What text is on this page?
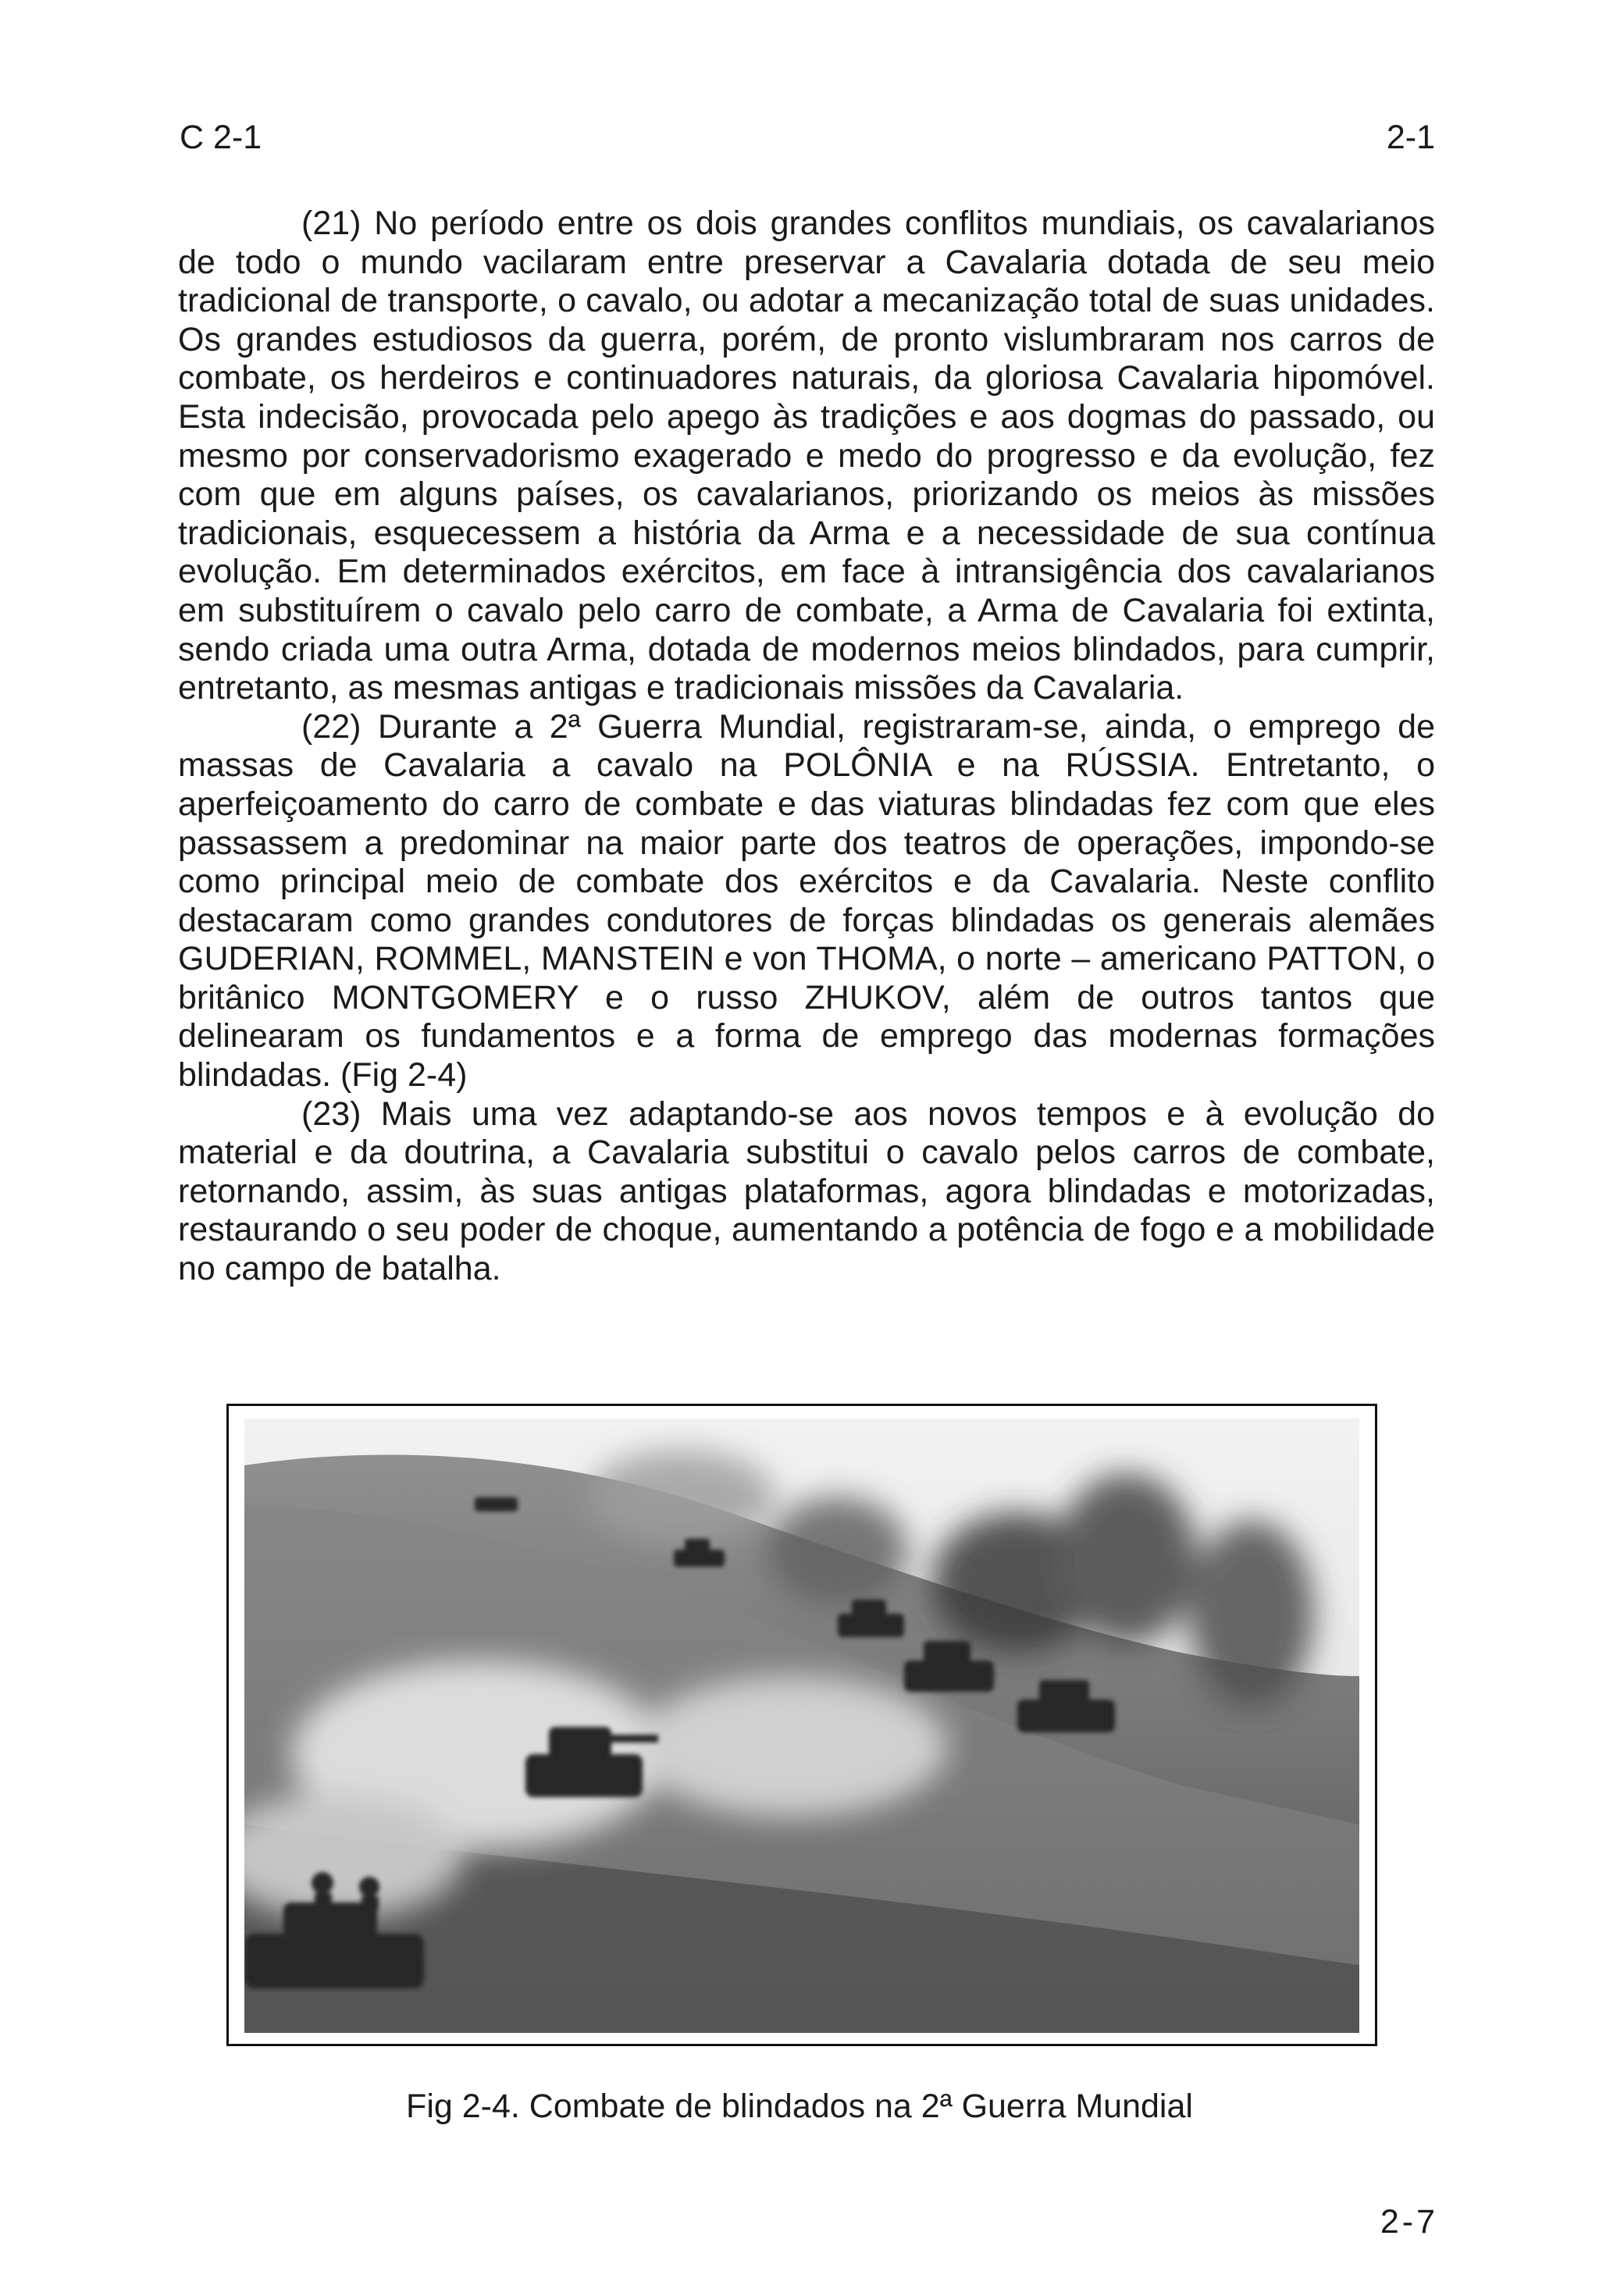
C 2-1	2-1

(21) No período entre os dois grandes conflitos mundiais, os cavalarianos de todo o mundo vacilaram entre preservar a Cavalaria dotada de seu meio tradicional de transporte, o cavalo, ou adotar a mecanização total de suas unidades. Os grandes estudiosos da guerra, porém, de pronto vislumbraram nos carros de combate, os herdeiros e continuadores naturais, da gloriosa Cavalaria hipomóvel. Esta indecisão, provocada pelo apego às tradições e aos dogmas do passado, ou mesmo por conservadorismo exagerado e medo do progresso e da evolução, fez com que em alguns países, os cavalarianos, priorizando os meios às missões tradicionais, esquecessem a história da Arma e a necessidade de sua contínua evolução. Em determinados exércitos, em face à intransigência dos cavalarianos em substituírem o cavalo pelo carro de combate, a Arma de Cavalaria foi extinta, sendo criada uma outra Arma, dotada de modernos meios blindados, para cumprir, entretanto, as mesmas antigas e tradicionais missões da Cavalaria.

(22) Durante a 2ª Guerra Mundial, registraram-se, ainda, o emprego de massas de Cavalaria a cavalo na POLÔNIA e na RÚSSIA. Entretanto, o aperfeiçoamento do carro de combate e das viaturas blindadas fez com que eles passassem a predominar na maior parte dos teatros de operações, impondo-se como principal meio de combate dos exércitos e da Cavalaria. Neste conflito destacaram como grandes condutores de forças blindadas os generais alemães GUDERIAN, ROMMEL, MANSTEIN e von THOMA, o norte – americano PATTON, o britânico MONTGOMERY e o russo ZHUKOV, além de outros tantos que delinearam os fundamentos e a forma de emprego das modernas formações blindadas. (Fig 2-4)

(23) Mais uma vez adaptando-se aos novos tempos e à evolução do material e da doutrina, a Cavalaria substitui o cavalo pelos carros de combate, retornando, assim, às suas antigas plataformas, agora blindadas e motorizadas, restaurando o seu poder de choque, aumentando a potência de fogo e a mobilidade no campo de batalha.

Fig 2-4. Combate de blindados na 2ª Guerra Mundial
2-7
